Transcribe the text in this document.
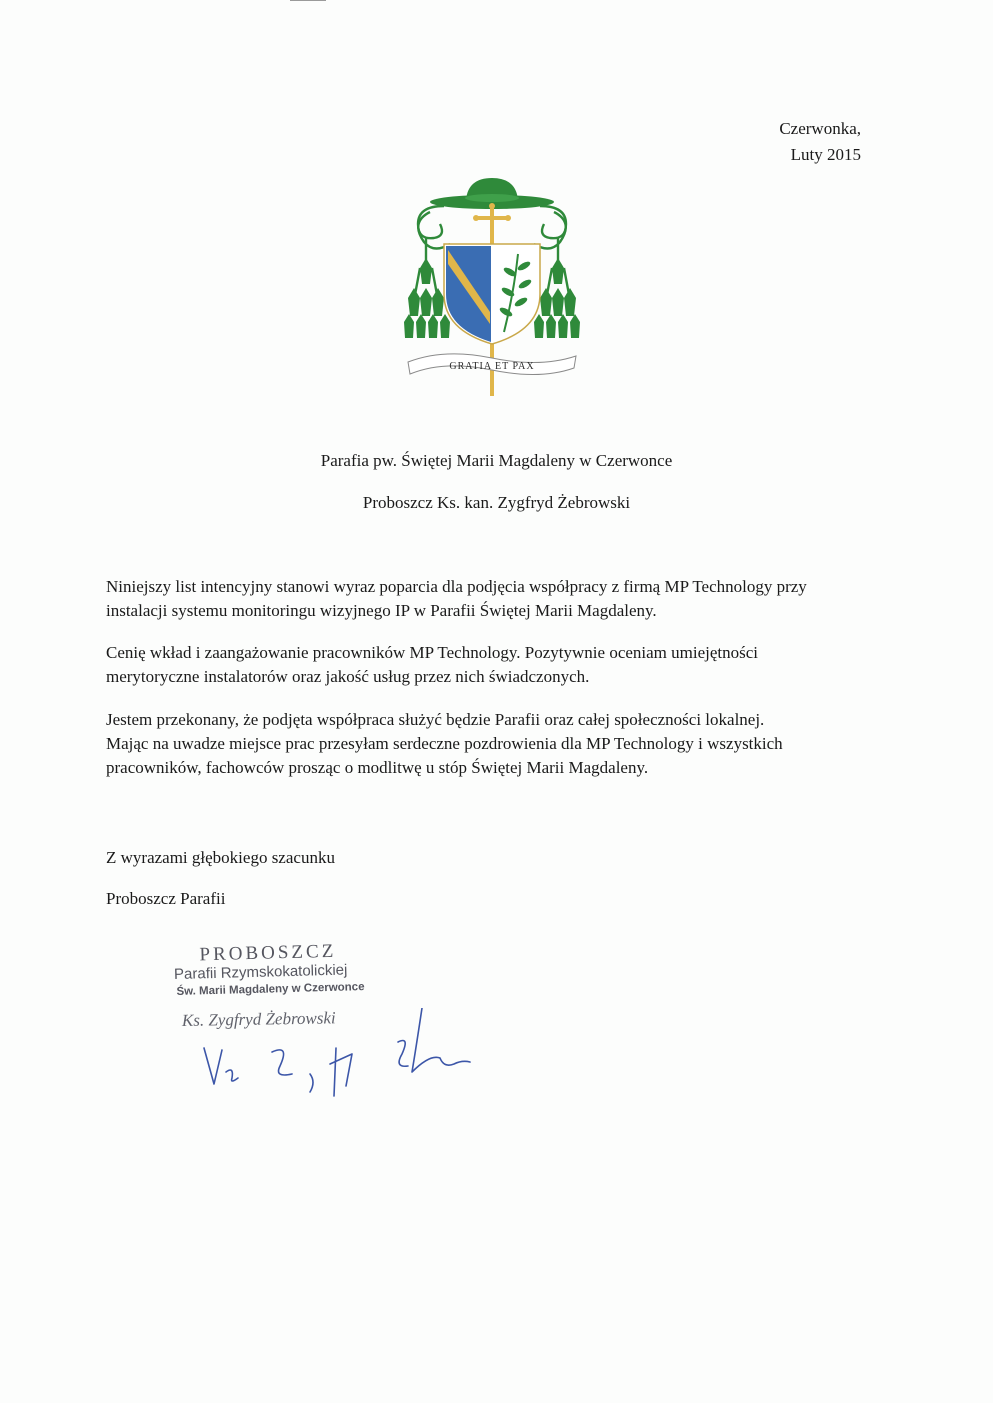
Czerwonka,
Luty 2015
GRATIA ET PAX
Parafia pw. Świętej Marii Magdaleny w Czerwonce
Proboszcz Ks. kan. Zygfryd Żebrowski
Niniejszy list intencyjny stanowi wyraz poparcia dla podjęcia współpracy z firmą MP Technology przy
instalacji systemu monitoringu wizyjnego IP w Parafii Świętej Marii Magdaleny.
Cenię wkład i zaangażowanie pracowników MP Technology. Pozytywnie oceniam umiejętności
merytoryczne instalatorów oraz jakość usług przez nich świadczonych.
Jestem przekonany, że podjęta współpraca służyć będzie Parafii oraz całej społeczności lokalnej.
Mając na uwadze miejsce prac przesyłam serdeczne pozdrowienia dla MP Technology i wszystkich
pracowników, fachowców prosząc o modlitwę u stóp Świętej Marii Magdaleny.
Z wyrazami głębokiego szacunku
Proboszcz Parafii
PROBOSZCZ
Parafii Rzymskokatolickiej
Św. Marii Magdaleny w Czerwonce
Ks. Zygfryd Żebrowski
